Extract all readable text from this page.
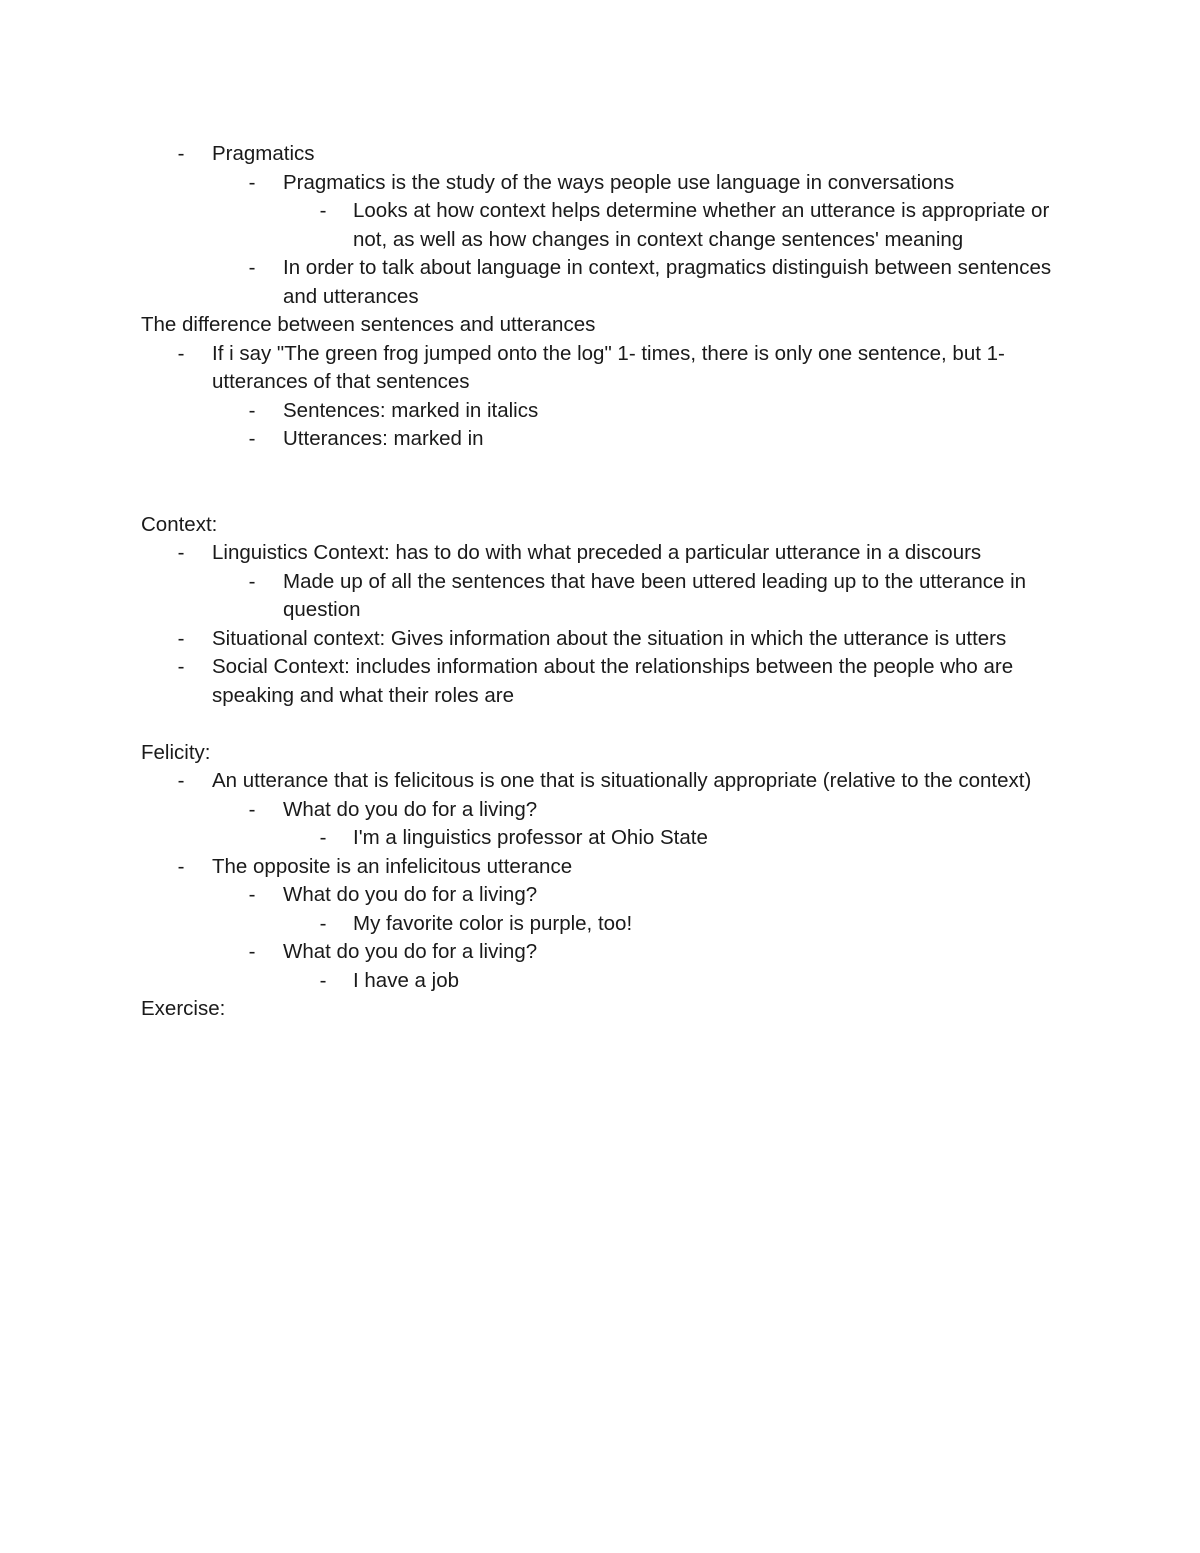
-	Pragmatics
-	Pragmatics is the study of the ways people use language in conversations
-	Looks at how context helps determine whether an utterance is appropriate or not, as well as how changes in context change sentences' meaning
-	In order to talk about language in context, pragmatics distinguish between sentences and utterances
The difference between sentences and utterances
-	If i say "The green frog jumped onto the log" 1- times, there is only one sentence, but 1- utterances of that sentences
-	Sentences: marked in italics
-	Utterances: marked in
Context:
-	Linguistics Context: has to do with what preceded a particular utterance in a discours
-	Made up of all the sentences that have been uttered leading up to the utterance in question
-	Situational context: Gives information about the situation in which the utterance is utters
-	Social Context: includes information about the relationships between the people who are speaking and what their roles are
Felicity:
-	An utterance that is felicitous is one that is situationally appropriate (relative to the context)
-	What do you do for a living?
-	I'm a linguistics professor at Ohio State
-	The opposite is an infelicitous utterance
-	What do you do for a living?
-	My favorite color is purple, too!
-	What do you do for a living?
-	I have a job
Exercise:
